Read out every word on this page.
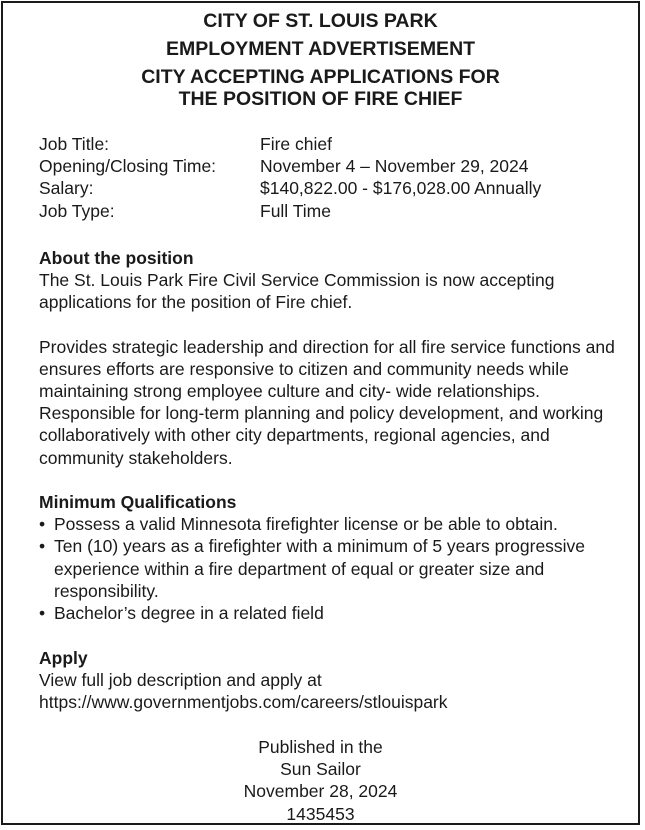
CITY OF ST. LOUIS PARK
EMPLOYMENT ADVERTISEMENT
CITY ACCEPTING APPLICATIONS FOR
THE POSITION OF FIRE CHIEF
Job Title:	Fire chief
Opening/Closing Time:	November 4 – November 29, 2024
Salary:	$140,822.00 - $176,028.00 Annually
Job Type:	Full Time
About the position

The St. Louis Park Fire Civil Service Commission is now accepting applications for the position of Fire chief.

Provides strategic leadership and direction for all fire service functions and ensures efforts are responsive to citizen and community needs while maintaining strong employee culture and city- wide relationships. Responsible for long-term planning and policy development, and working collaboratively with other city departments, regional agencies, and community stakeholders.

Minimum Qualifications
• Possess a valid Minnesota firefighter license or be able to obtain.
• Ten (10) years as a firefighter with a minimum of 5 years progressive experience within a fire department of equal or greater size and responsibility.
• Bachelor’s degree in a related field
Apply
View full job description and apply at
https://www.governmentjobs.com/careers/stlouispark
Published in the
Sun Sailor
November 28, 2024
1435453
